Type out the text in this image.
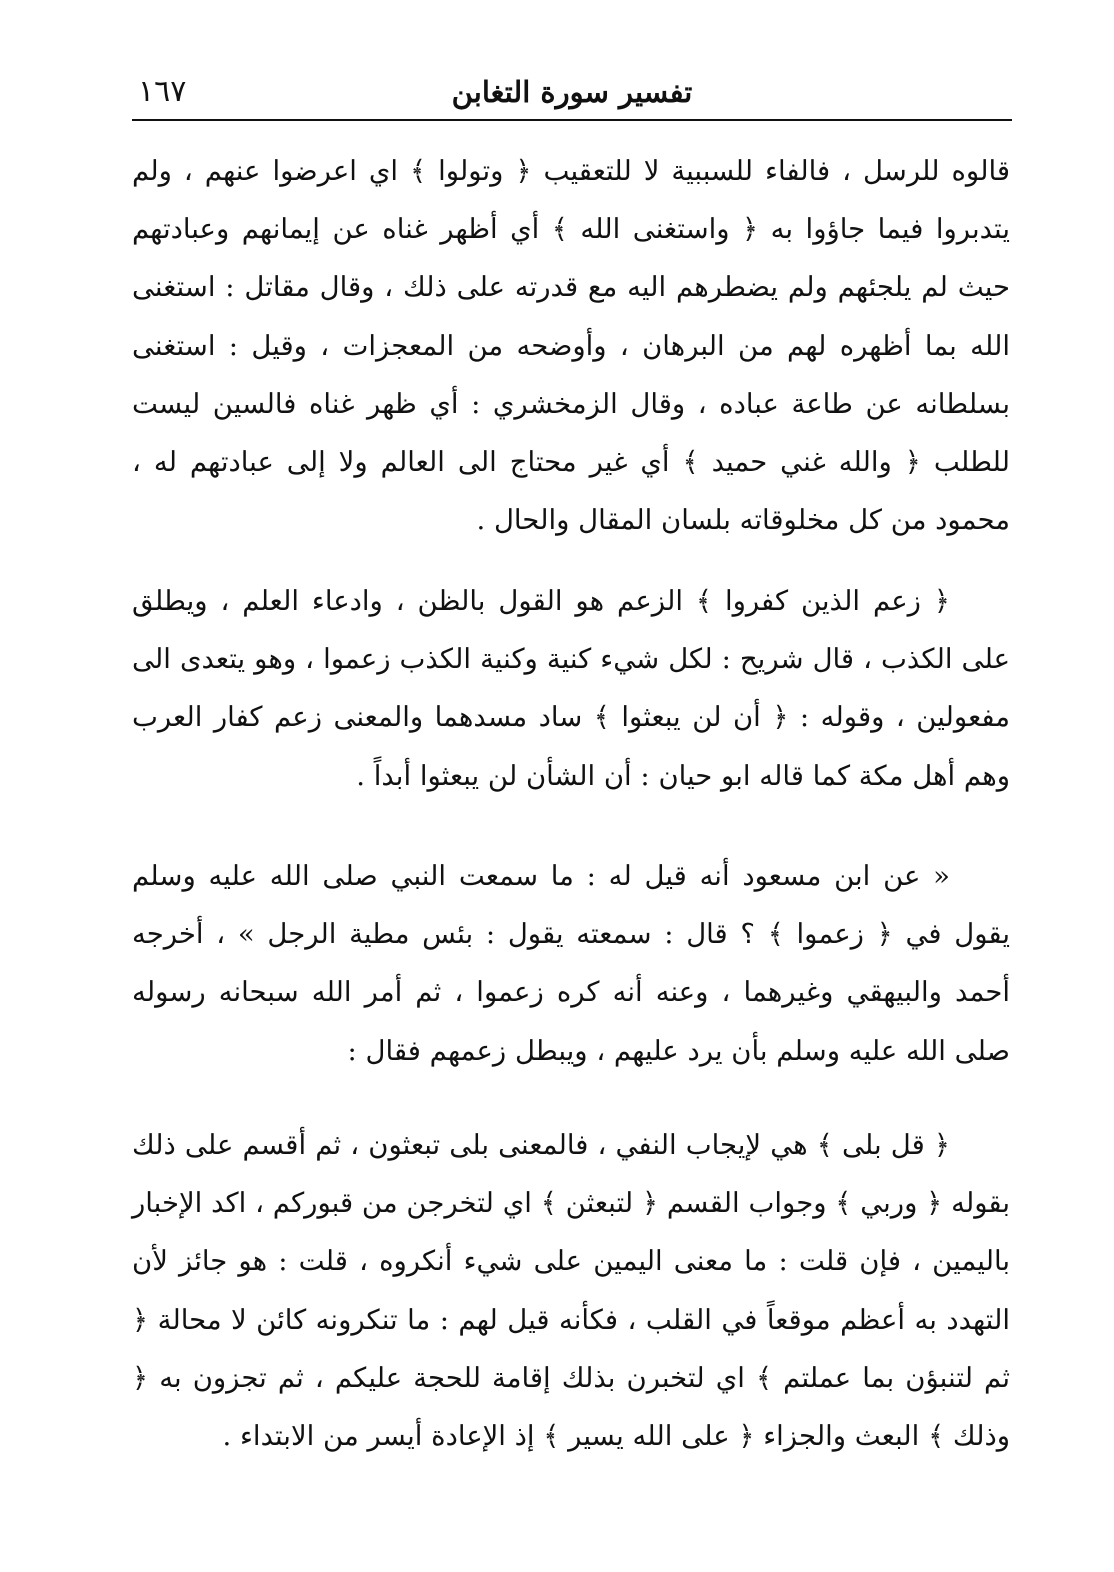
تفسير سورة التغابن
١٦٧

قالوه للرسل ، فالفاء للسببية لا للتعقيب ﴿ وتولوا ﴾ اي اعرضوا عنهم ، ولم يتدبروا فيما جاؤوا به ﴿ واستغنى الله ﴾ أي أظهر غناه عن إيمانهم وعبادتهم حيث لم يلجئهم ولم يضطرهم اليه مع قدرته على ذلك ، وقال مقاتل : استغنى الله بما أظهره لهم من البرهان ، وأوضحه من المعجزات ، وقيل : استغنى بسلطانه عن طاعة عباده ، وقال الزمخشري : أي ظهر غناه فالسين ليست للطلب ﴿ والله غني حميد ﴾ أي غير محتاج الى العالم ولا إلى عبادتهم له ، محمود من كل مخلوقاته بلسان المقال والحال .

﴿ زعم الذين كفروا ﴾ الزعم هو القول بالظن ، وادعاء العلم ، ويطلق على الكذب ، قال شريح : لكل شيء كنية وكنية الكذب زعموا ، وهو يتعدى الى مفعولين ، وقوله : ﴿ أن لن يبعثوا ﴾ ساد مسدهما والمعنى زعم كفار العرب وهم أهل مكة كما قاله ابو حيان : أن الشأن لن يبعثوا أبداً .

« عن ابن مسعود أنه قيل له : ما سمعت النبي صلى الله عليه وسلم يقول في ﴿ زعموا ﴾ ؟ قال : سمعته يقول : بئس مطية الرجل » ، أخرجه أحمد والبيهقي وغيرهما ، وعنه أنه كره زعموا ، ثم أمر الله سبحانه رسوله صلى الله عليه وسلم بأن يرد عليهم ، ويبطل زعمهم فقال :

﴿ قل بلى ﴾ هي لإيجاب النفي ، فالمعنى بلى تبعثون ، ثم أقسم على ذلك بقوله ﴿ وربي ﴾ وجواب القسم ﴿ لتبعثن ﴾ اي لتخرجن من قبوركم ، اكد الإخبار باليمين ، فإن قلت : ما معنى اليمين على شيء أنكروه ، قلت : هو جائز لأن التهدد به أعظم موقعاً في القلب ، فكأنه قيل لهم : ما تنكرونه كائن لا محالة ﴿ ثم لتنبؤن بما عملتم ﴾ اي لتخبرن بذلك إقامة للحجة عليكم ، ثم تجزون به ﴿ وذلك ﴾ البعث والجزاء ﴿ على الله يسير ﴾ إذ الإعادة أيسر من الابتداء .
